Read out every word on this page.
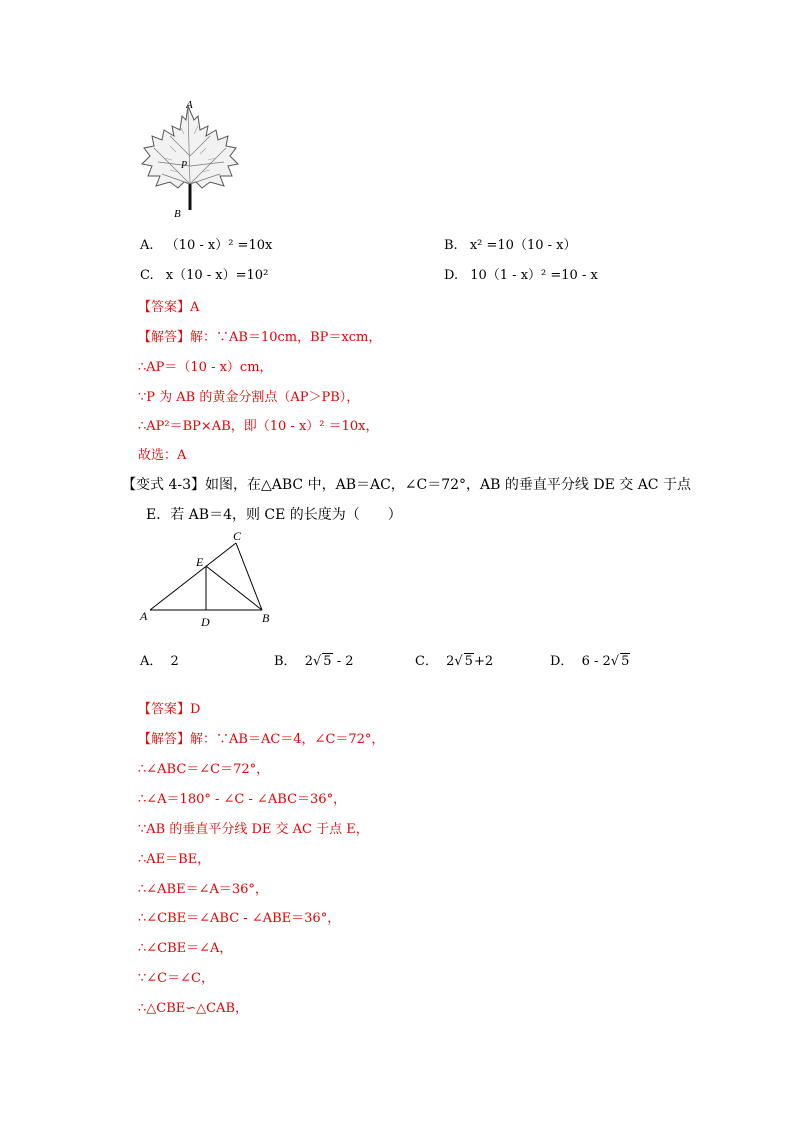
A
P
B
A. （10 - x）² =10x	B. x² =10（10 - x）
C. x（10 - x）=10²	D. 10（1 - x）² =10 - x
【答案】A
【解答】解：∵AB＝10cm，BP＝xcm，
∴AP＝（10 - x）cm，
∵P 为 AB 的黄金分割点（AP＞PB），
∴AP²＝BP×AB，即（10 - x）² ＝10x，
故选：A
【变式 4-3】如图，在△ABC 中，AB＝AC，∠C＝72°，AB 的垂直平分线 DE 交 AC 于点
E．若 AB＝4，则 CE 的长度为（　　）
C
E
A	D	B
A． 2	B． 2√ 5 - 2	C． 2√ 5+2	D． 6 - 2√ 5
【答案】D
【解答】解：∵AB＝AC＝4，∠C＝72°，
∴∠ABC＝∠C＝72°，
∴∠A＝180° - ∠C - ∠ABC＝36°，
∵AB 的垂直平分线 DE 交 AC 于点 E，
∴AE＝BE，
∴∠ABE＝∠A＝36°，
∴∠CBE＝∠ABC - ∠ABE＝36°，
∴∠CBE＝∠A，
∵∠C＝∠C，
∴△CBE∽△CAB，
